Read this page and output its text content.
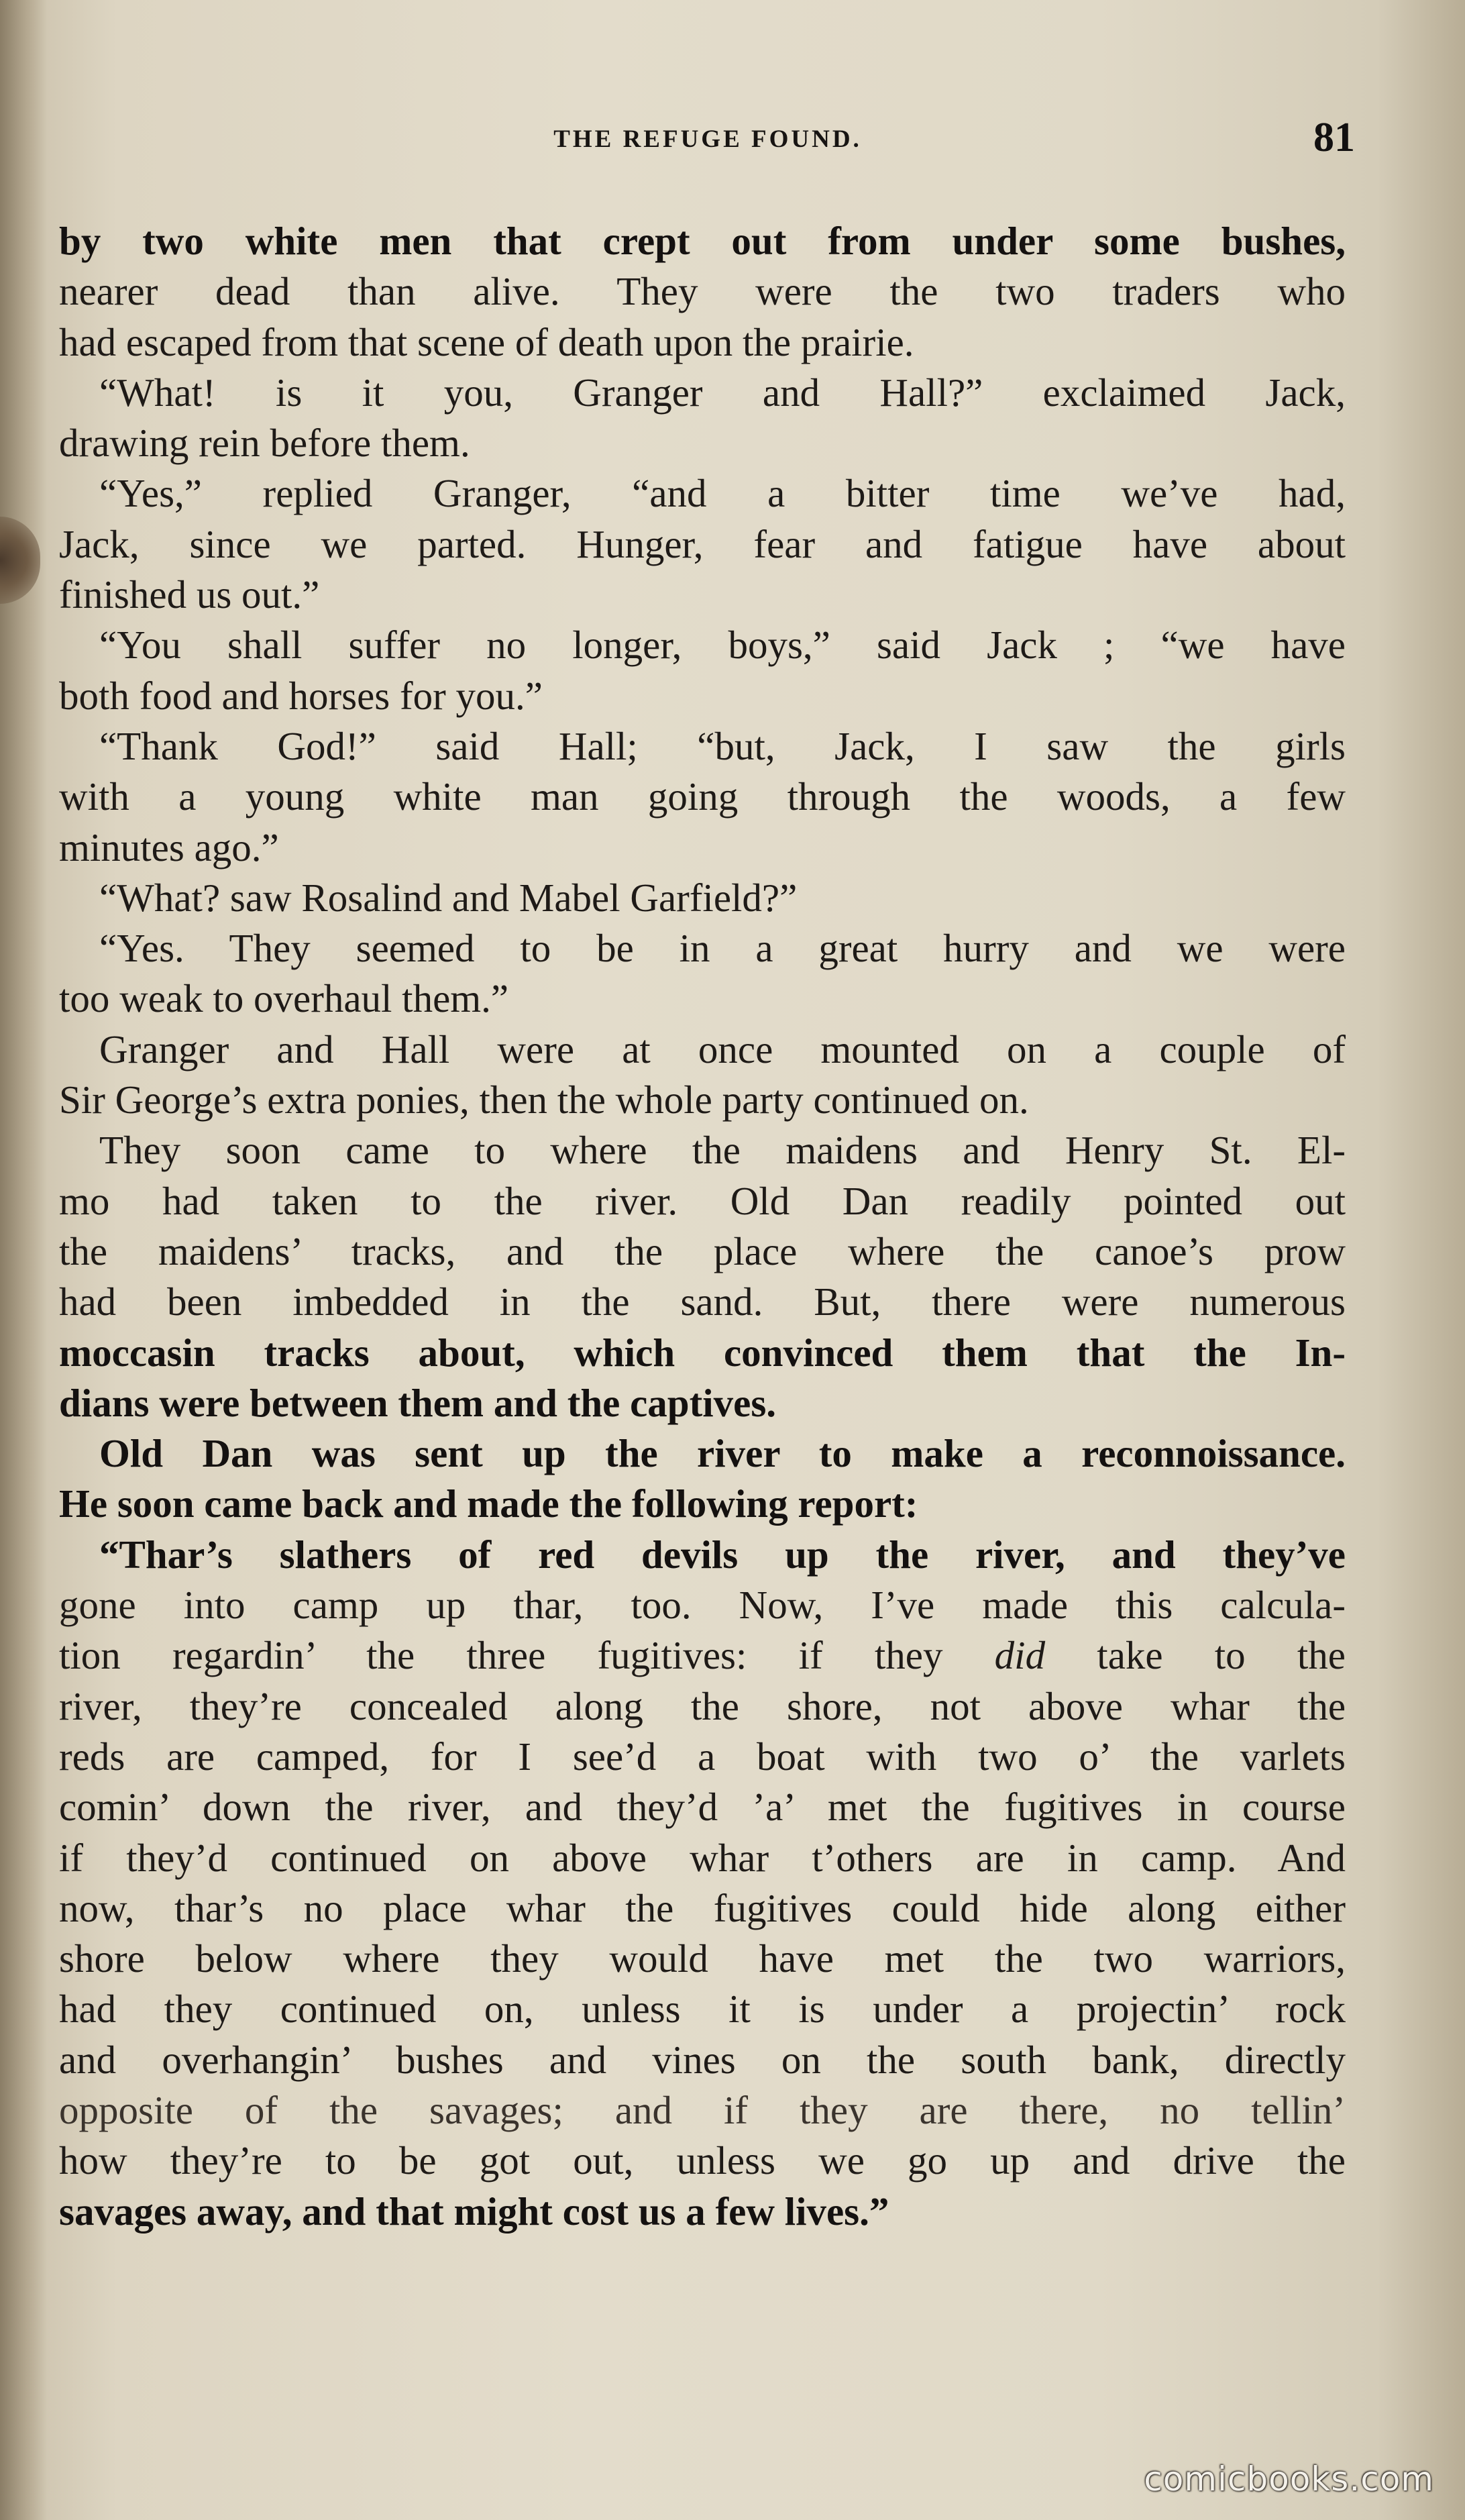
THE REFUGE FOUND.	81
by two white men that crept out from under some bushes,
nearer dead than alive. They were the two traders who
had escaped from that scene of death upon the prairie.
“What! is it you, Granger and Hall?” exclaimed Jack,
drawing rein before them.
“Yes,” replied Granger, “and a bitter time we’ve had,
Jack, since we parted. Hunger, fear and fatigue have about
finished us out.”
“You shall suffer no longer, boys,” said Jack ; “we have
both food and horses for you.”
“Thank God!” said Hall; “but, Jack, I saw the girls
with a young white man going through the woods, a few
minutes ago.”
“What? saw Rosalind and Mabel Garfield?”
“Yes. They seemed to be in a great hurry and we were
too weak to overhaul them.”
Granger and Hall were at once mounted on a couple of
Sir George’s extra ponies, then the whole party continued on.
They soon came to where the maidens and Henry St. El-
mo had taken to the river. Old Dan readily pointed out
the maidens’ tracks, and the place where the canoe’s prow
had been imbedded in the sand. But, there were numerous
moccasin tracks about, which convinced them that the In-
dians were between them and the captives.
Old Dan was sent up the river to make a reconnoissance.
He soon came back and made the following report:
“Thar’s slathers of red devils up the river, and they’ve
gone into camp up thar, too. Now, I’ve made this calcula-
tion regardin’ the three fugitives: if they did take to the
river, they’re concealed along the shore, not above whar the
reds are camped, for I see’d a boat with two o’ the varlets
comin’ down the river, and they’d ’a’ met the fugitives in course
if they’d continued on above whar t’others are in camp. And
now, thar’s no place whar the fugitives could hide along either
shore below where they would have met the two warriors,
had they continued on, unless it is under a projectin’ rock
and overhangin’ bushes and vines on the south bank, directly
opposite of the savages; and if they are there, no tellin’
how they’re to be got out, unless we go up and drive the
savages away, and that might cost us a few lives.”
comicbooks.com
